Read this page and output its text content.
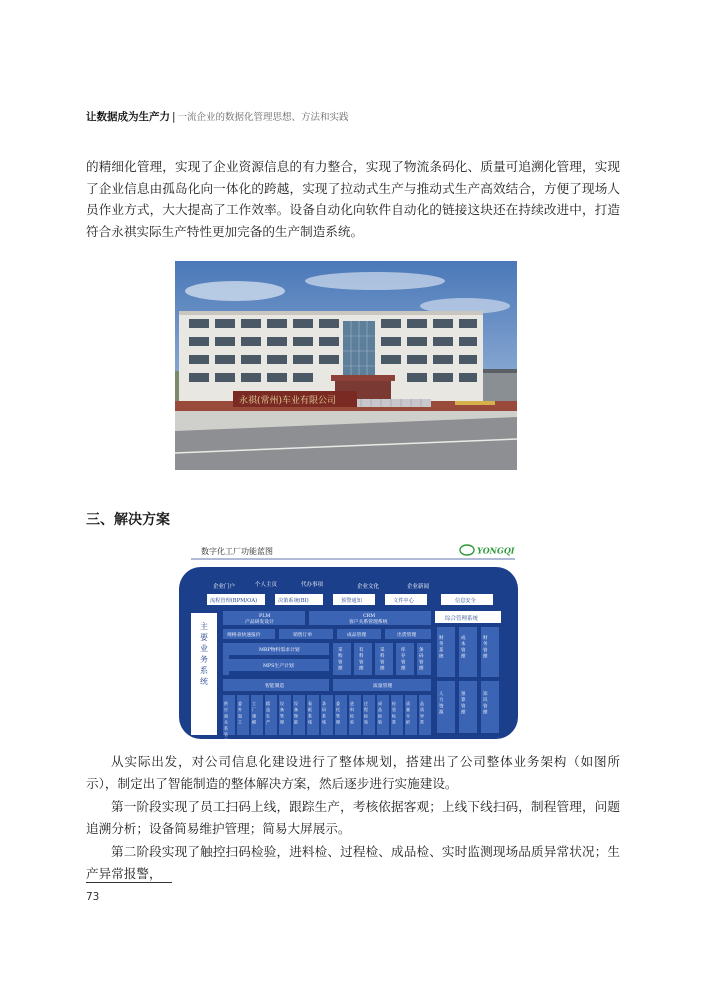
让数据成为生产力 | 一流企业的数据化管理思想、方法和实践
的精细化管理，实现了企业资源信息的有力整合，实现了物流条码化、质量可追溯化管理，实现了企业信息由孤岛化向一体化的跨越，实现了拉动式生产与推动式生产高效结合，方便了现场人员作业方式，大大提高了工作效率。设备自动化向软件自动化的链接这块还在持续改进中，打造符合永祺实际生产特性更加完备的生产制造系统。
永祺(常州)车业有限公司
三、解决方案
数字化工厂功能蓝图	YONGQI
企业门户	个人主页	代办事项	企业文化	企业新闻
流程管理(BPM/OA)	决策系统(BI)	预警通知	文件中心	信息安全
主要业务系统
PLM
产品研发设计
CRM
客户关系管理系统
规格表快速报价	销售订单	成品管理	出货管理
MRP物料需求计划
MPS生产计划
智能制造	质量管理
采购管理
有料管理
采料管理
库存管理
条码管理
综合管理系统
财务系统
成本管理
财务管理
人力资源
预算管理
知识管理
供应商关系管理
委外加工
工厂建模
精益生产
设备管理
设备物联
看板系统
条码系统
委托管理
进料检验
过程检验
成品检验
检验标准
质量分析
品质异常
从实际出发，对公司信息化建设进行了整体规划，搭建出了公司整体业务架构（如图所示），制定出了智能制造的整体解决方案，然后逐步进行实施建设。
第一阶段实现了员工扫码上线，跟踪生产，考核依据客观；上线下线扫码，制程管理，问题追溯分析；设备简易维护管理；简易大屏展示。
第二阶段实现了触控扫码检验，进料检、过程检、成品检、实时监测现场品质异常状况；生产异常报警，
73
